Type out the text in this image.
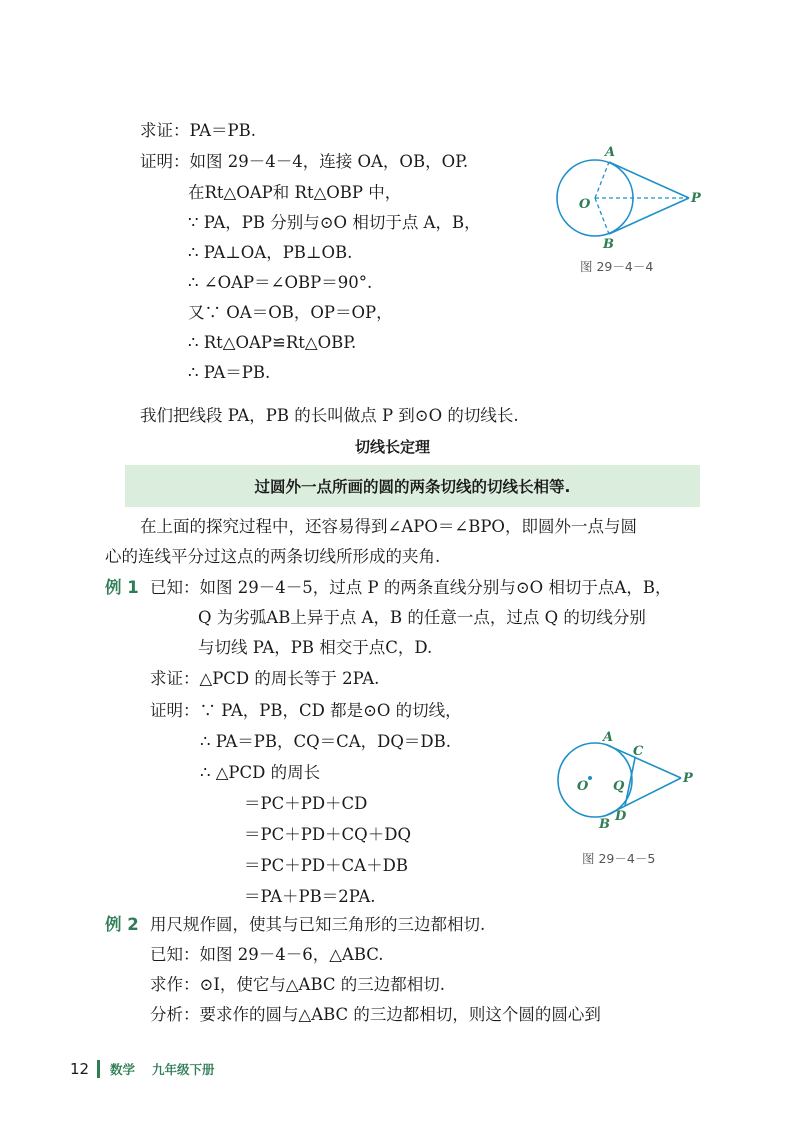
求证：PA＝PB.
证明：如图 29－4－4，连接 OA，OB，OP.
在Rt△OAP和 Rt△OBP 中，
∵ PA，PB 分别与⊙O 相切于点 A，B，
∴ PA⊥OA，PB⊥OB.
∴ ∠OAP＝∠OBP＝90°.
又∵ OA＝OB，OP＝OP，
∴ Rt△OAP≌Rt△OBP.
∴ PA＝PB.
A
B
O	P
图 29－4－4
我们把线段 PA，PB 的长叫做点 P 到⊙O 的切线长.
切线长定理
过圆外一点所画的圆的两条切线的切线长相等.
在上面的探究过程中，还容易得到∠APO＝∠BPO，即圆外一点与圆
心的连线平分过这点的两条切线所形成的夹角.
例 1 已知：如图 29－4－5，过点 P 的两条直线分别与⊙O 相切于点A，B，
Q 为劣弧AB上异于点 A，B 的任意一点，过点 Q 的切线分别
与切线 PA，PB 相交于点C，D.
求证：△PCD 的周长等于 2PA.
证明：∵ PA，PB，CD 都是⊙O 的切线，
∴ PA＝PB，CQ＝CA，DQ＝DB.
∴ △PCD 的周长
＝PC＋PD＋CD
＝PC＋PD＋CQ＋DQ
＝PC＋PD＋CA＋DB
＝PA＋PB＝2PA.
A
B
C
D
O
P
Q
图 29－4－5
例 2 用尺规作圆，使其与已知三角形的三边都相切.
已知：如图 29－4－6，△ABC.
求作：⊙I，使它与△ABC 的三边都相切.
分析：要求作的圆与△ABC 的三边都相切，则这个圆的圆心到
12 数学 九年级下册
